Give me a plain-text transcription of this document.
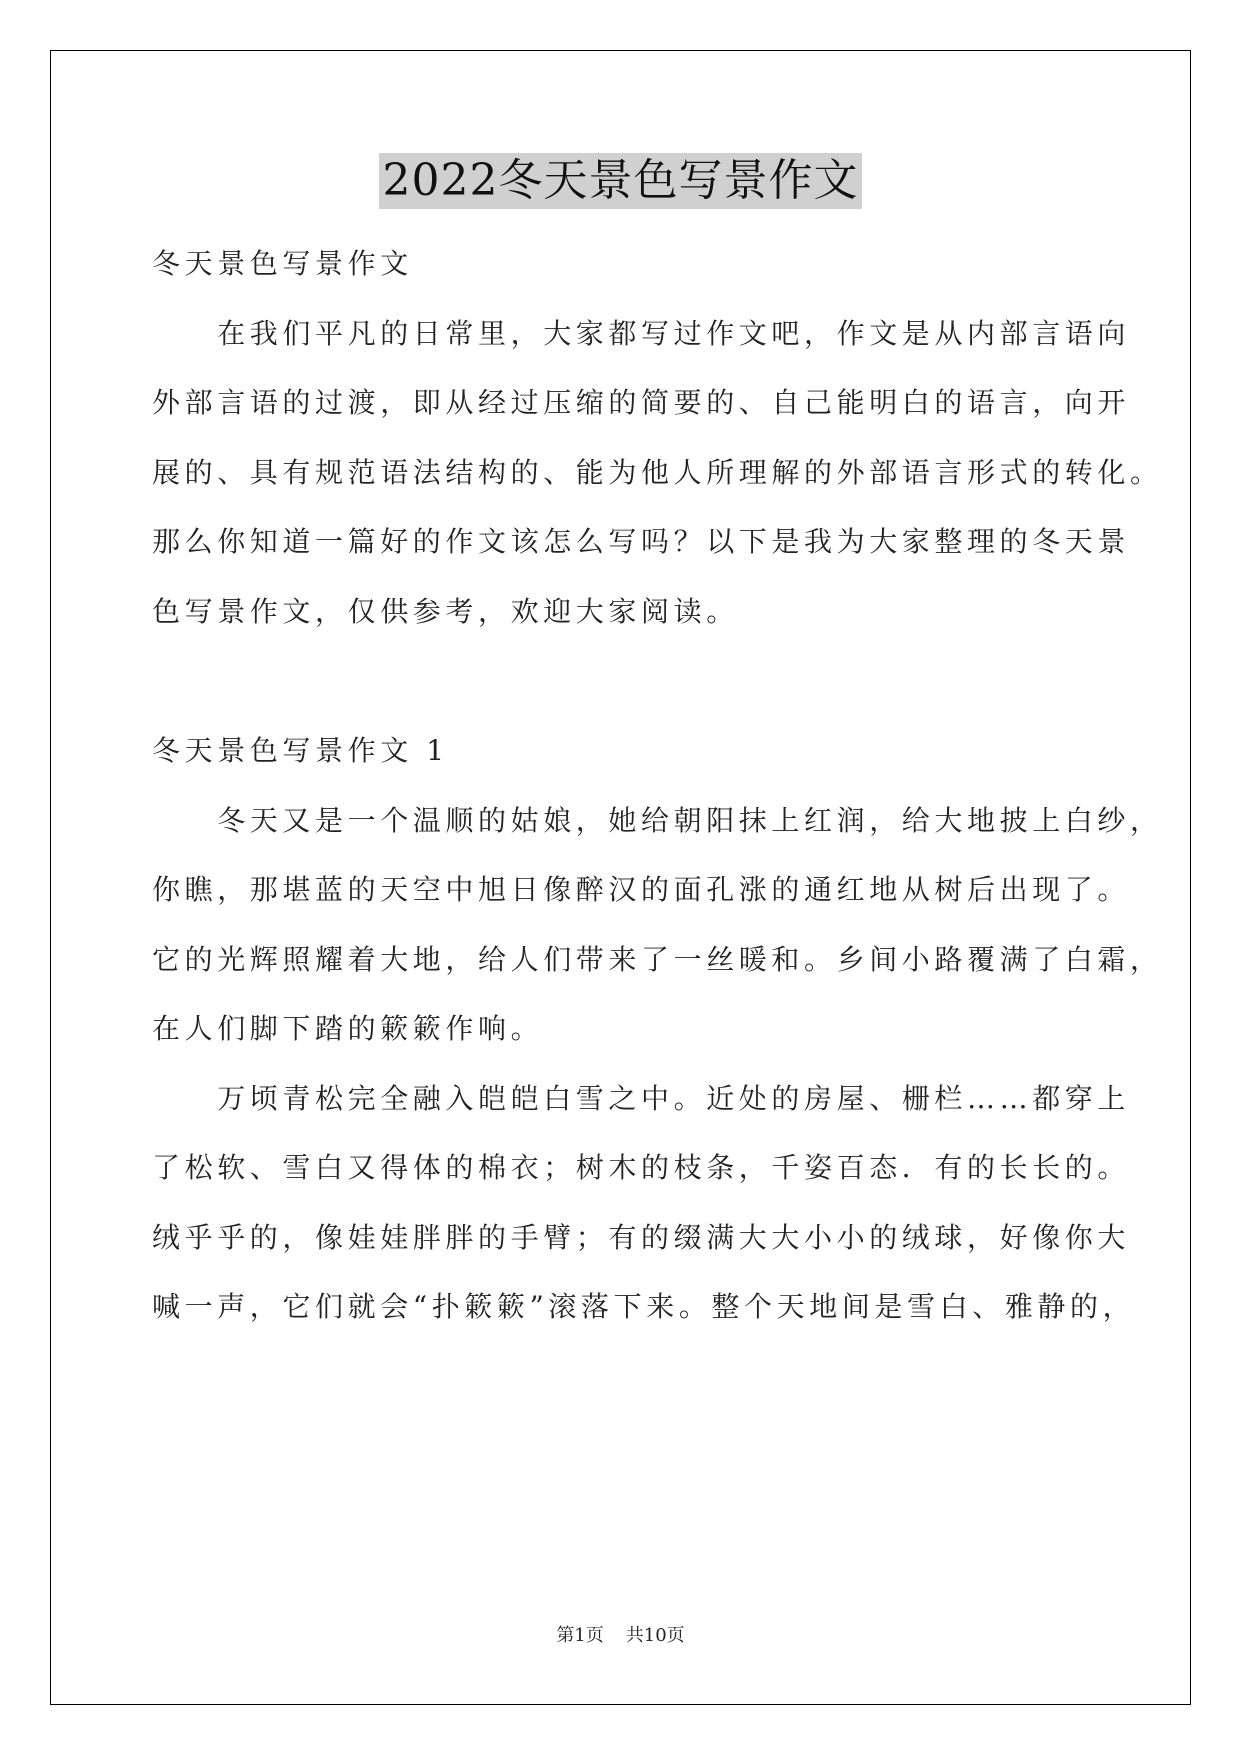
2022冬天景色写景作文
冬天景色写景作文
　　在我们平凡的日常里，大家都写过作文吧，作文是从内部言语向
外部言语的过渡，即从经过压缩的简要的、自己能明白的语言，向开
展的、具有规范语法结构的、能为他人所理解的外部语言形式的转化。
那么你知道一篇好的作文该怎么写吗？以下是我为大家整理的冬天景
色写景作文，仅供参考，欢迎大家阅读。
冬天景色写景作文 1
　　冬天又是一个温顺的姑娘，她给朝阳抹上红润，给大地披上白纱，
你瞧，那堪蓝的天空中旭日像醉汉的面孔涨的通红地从树后出现了。
它的光辉照耀着大地，给人们带来了一丝暖和。乡间小路覆满了白霜，
在人们脚下踏的簌簌作响。
　　万顷青松完全融入皑皑白雪之中。近处的房屋、栅栏……都穿上
了松软、雪白又得体的棉衣；树木的枝条，千姿百态．有的长长的。
绒乎乎的，像娃娃胖胖的手臂；有的缀满大大小小的绒球，好像你大
喊一声，它们就会“扑簌簌”滚落下来。整个天地间是雪白、雅静的，
第1页 共10页
